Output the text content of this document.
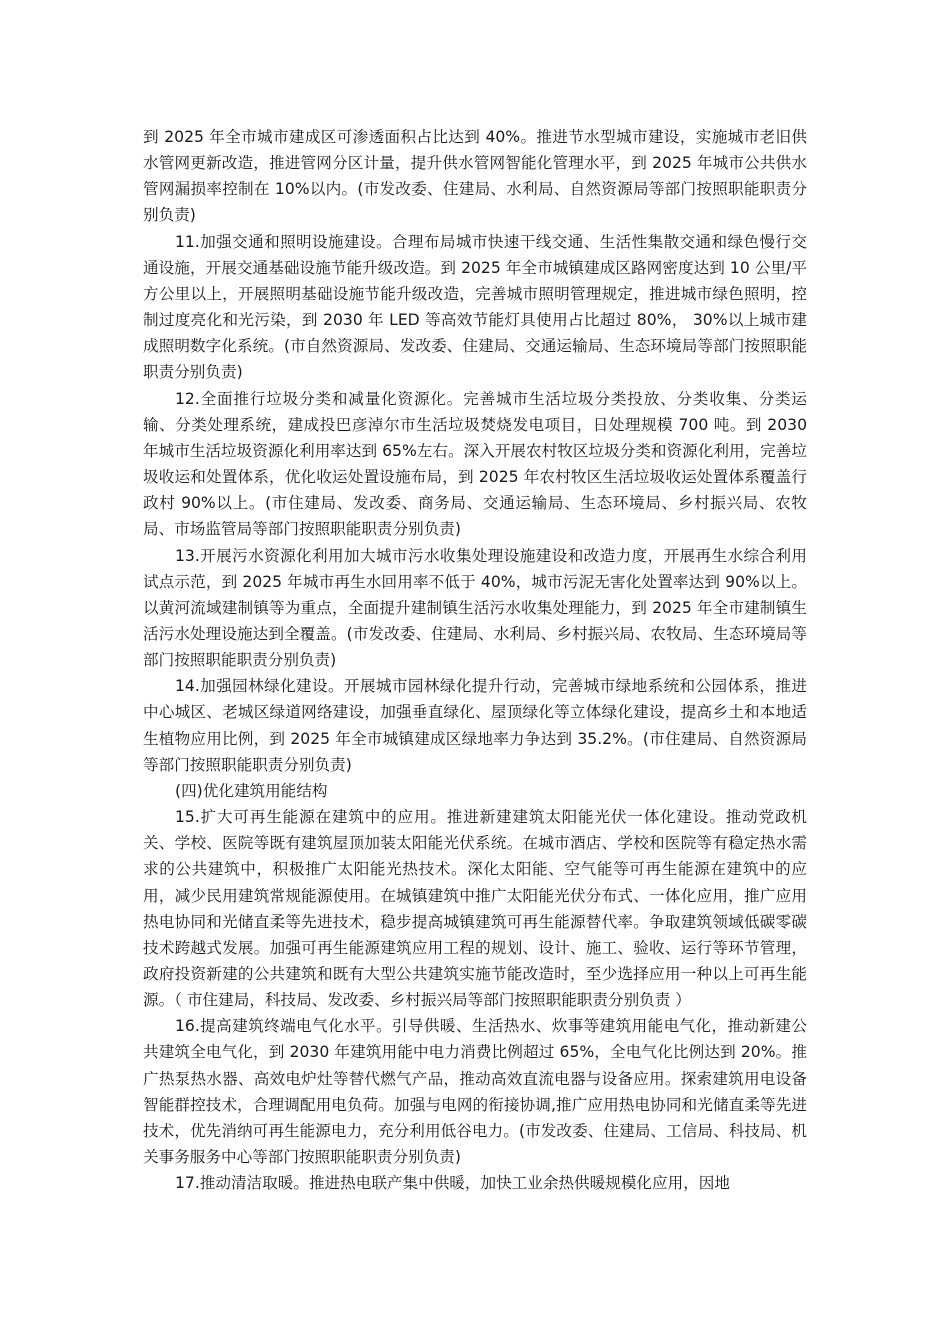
到 2025 年全市城市建成区可渗透面积占比达到 40%。推进节水型城市建设，实施城市老旧供水管网更新改造，推进管网分区计量，提升供水管网智能化管理水平，到 2025 年城市公共供水管网漏损率控制在 10%以内。(市发改委、住建局、水利局、自然资源局等部门按照职能职责分别负责)

11.加强交通和照明设施建设。合理布局城市快速干线交通、生活性集散交通和绿色慢行交通设施，开展交通基础设施节能升级改造。到 2025 年全市城镇建成区路网密度达到 10 公里/平方公里以上，开展照明基础设施节能升级改造，完善城市照明管理规定，推进城市绿色照明，控制过度亮化和光污染，到 2030 年 LED 等高效节能灯具使用占比超过 80%， 30%以上城市建成照明数字化系统。(市自然资源局、发改委、住建局、交通运输局、生态环境局等部门按照职能职责分别负责)

12.全面推行垃圾分类和减量化资源化。完善城市生活垃圾分类投放、分类收集、分类运输、分类处理系统，建成投巴彦淖尔市生活垃圾焚烧发电项目，日处理规模 700 吨。到 2030 年城市生活垃圾资源化利用率达到 65%左右。深入开展农村牧区垃圾分类和资源化利用，完善垃圾收运和处置体系，优化收运处置设施布局，到 2025 年农村牧区生活垃圾收运处置体系覆盖行政村 90%以上。(市住建局、发改委、商务局、交通运输局、生态环境局、乡村振兴局、农牧局、市场监管局等部门按照职能职责分别负责)

13.开展污水资源化利用加大城市污水收集处理设施建设和改造力度，开展再生水综合利用试点示范，到 2025 年城市再生水回用率不低于 40%，城市污泥无害化处置率达到 90%以上。以黄河流域建制镇等为重点，全面提升建制镇生活污水收集处理能力，到 2025 年全市建制镇生活污水处理设施达到全覆盖。(市发改委、住建局、水利局、乡村振兴局、农牧局、生态环境局等部门按照职能职责分别负责)

14.加强园林绿化建设。开展城市园林绿化提升行动，完善城市绿地系统和公园体系，推进中心城区、老城区绿道网络建设，加强垂直绿化、屋顶绿化等立体绿化建设，提高乡土和本地适生植物应用比例，到 2025 年全市城镇建成区绿地率力争达到 35.2%。(市住建局、自然资源局等部门按照职能职责分别负责)

(四)优化建筑用能结构

15.扩大可再生能源在建筑中的应用。推进新建建筑太阳能光伏一体化建设。推动党政机关、学校、医院等既有建筑屋顶加装太阳能光伏系统。在城市酒店、学校和医院等有稳定热水需求的公共建筑中，积极推广太阳能光热技术。深化太阳能、空气能等可再生能源在建筑中的应用，减少民用建筑常规能源使用。在城镇建筑中推广太阳能光伏分布式、一体化应用，推广应用热电协同和光储直柔等先进技术，稳步提高城镇建筑可再生能源替代率。争取建筑领域低碳零碳技术跨越式发展。加强可再生能源建筑应用工程的规划、设计、施工、验收、运行等环节管理，政府投资新建的公共建筑和既有大型公共建筑实施节能改造时，至少选择应用一种以上可再生能源。（ 市住建局，科技局、发改委、乡村振兴局等部门按照职能职责分别负责 ）

16.提高建筑终端电气化水平。引导供暖、生活热水、炊事等建筑用能电气化，推动新建公共建筑全电气化，到 2030 年建筑用能中电力消费比例超过 65%，全电气化比例达到 20%。推广热泵热水器、高效电炉灶等替代燃气产品，推动高效直流电器与设备应用。探索建筑用电设备智能群控技术，合理调配用电负荷。加强与电网的衔接协调,推广应用热电协同和光储直柔等先进技术，优先消纳可再生能源电力，充分利用低谷电力。(市发改委、住建局、工信局、科技局、机关事务服务中心等部门按照职能职责分别负责)

17.推动清洁取暖。推进热电联产集中供暖，加快工业余热供暖规模化应用，因地
